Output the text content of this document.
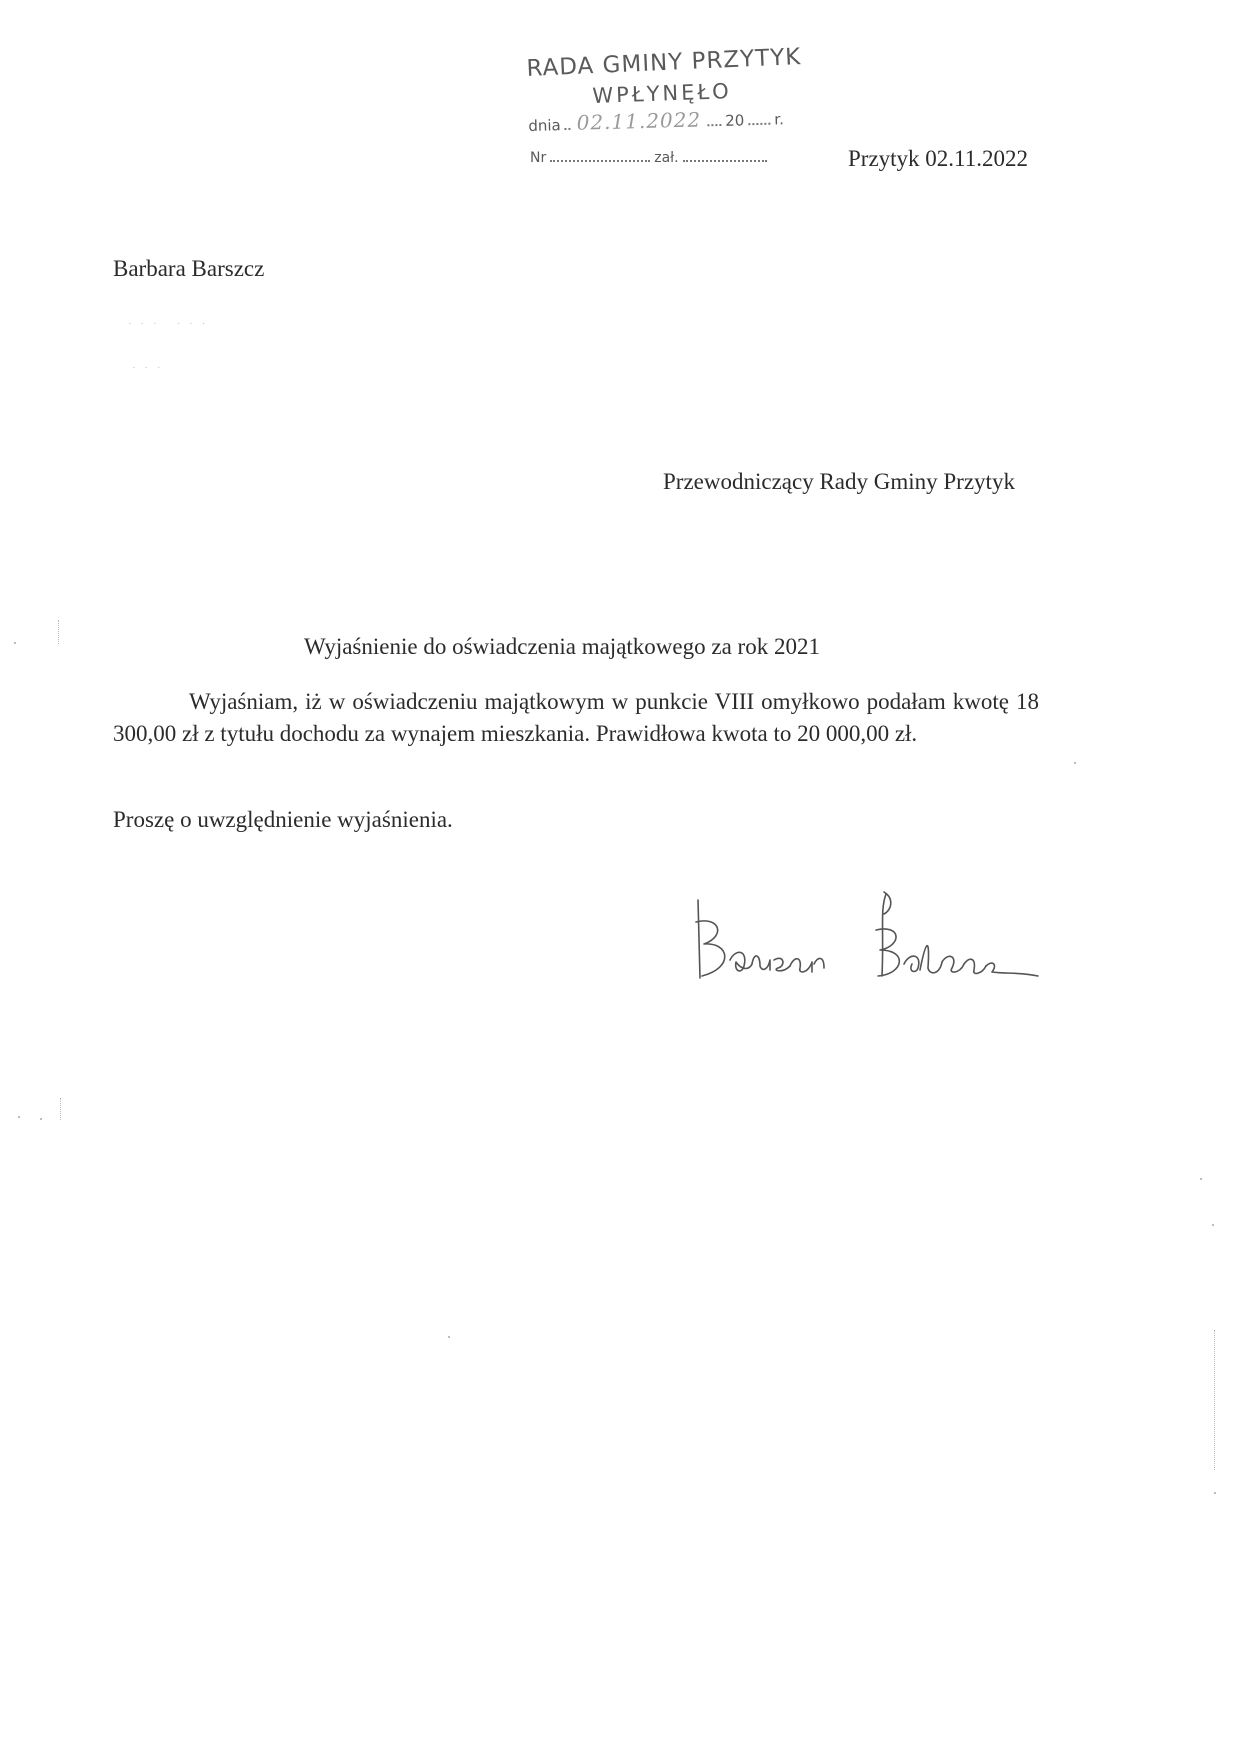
RADA GMINY PRZYTYK
WPŁYNĘŁO
dnia 02.11.2022 20 r.
Nr	zał.	Przytyk 02.11.2022
Barbara Barszcz
· · ·   · · ·
· · ·
Przewodniczący Rady Gminy Przytyk
Wyjaśnienie do oświadczenia majątkowego za rok 2021

Wyjaśniam, iż w oświadczeniu majątkowym w punkcie VIII omyłkowo podałam kwotę 18 300,00 zł z tytułu dochodu za wynajem mieszkania. Prawidłowa kwota to 20 000,00 zł.

Proszę o uwzględnienie wyjaśnienia.
